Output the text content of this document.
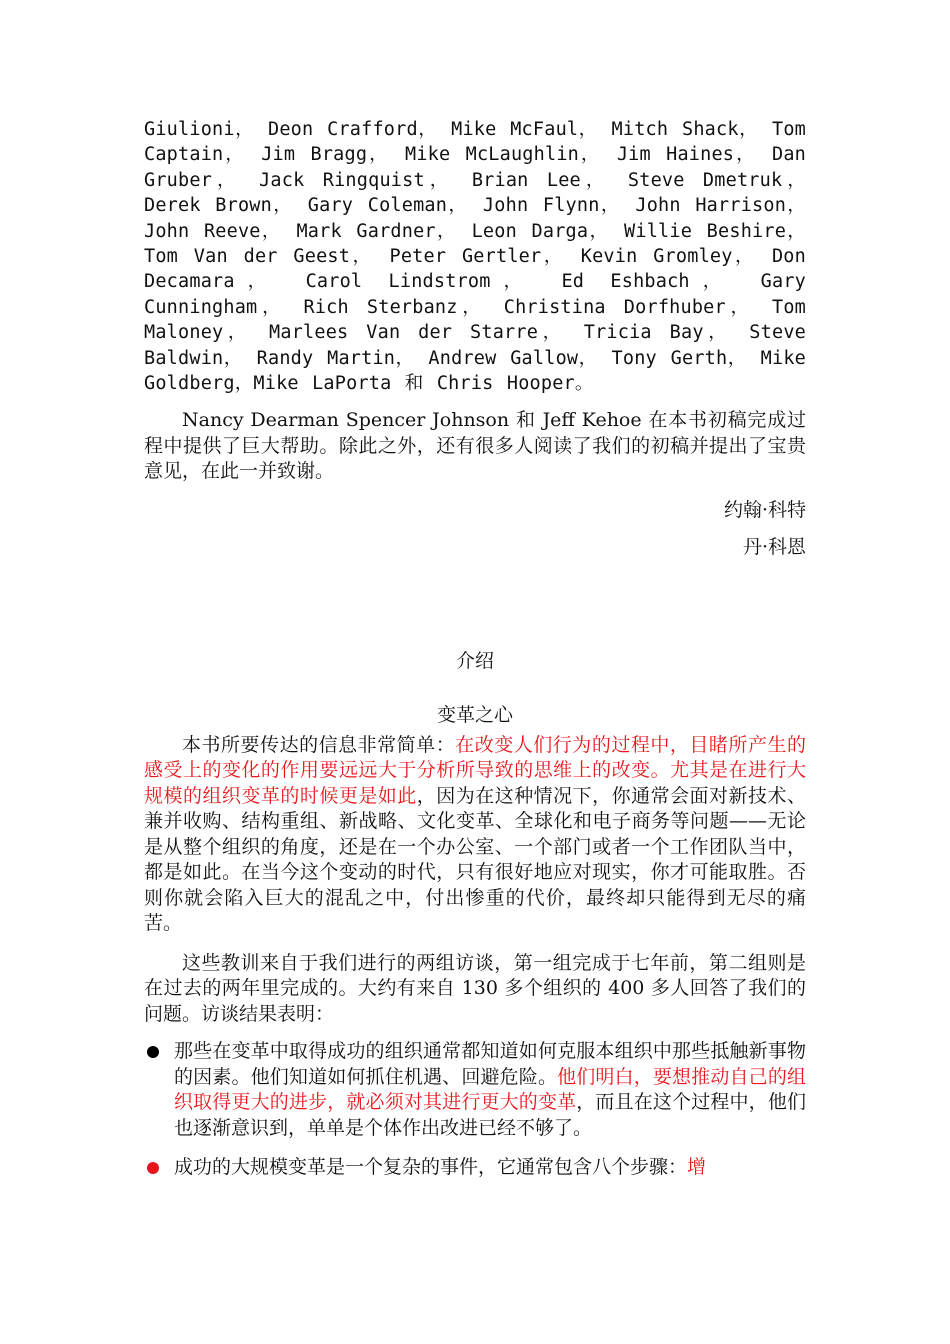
Giulioni， Deon Crafford， Mike McFaul， Mitch Shack， Tom Captain， Jim Bragg， Mike McLaughlin， Jim Haines， Dan Gruber， Jack Ringquist， Brian Lee， Steve Dmetruk， Derek Brown， Gary Coleman， John Flynn， John Harrison， John Reeve， Mark Gardner， Leon Darga， Willie Beshire， Tom Van der Geest， Peter Gertler， Kevin Gromley， Don Decamara， Carol Lindstrom， Ed Eshbach， Gary Cunningham， Rich Sterbanz， Christina Dorfhuber， Tom Maloney， Marlees Van der Starre， Tricia Bay， Steve Baldwin， Randy Martin， Andrew Gallow， Tony Gerth， Mike Goldberg，Mike LaPorta 和 Chris Hooper。

Nancy Dearman Spencer Johnson 和 Jeff Kehoe 在本书初稿完成过程中提供了巨大帮助。除此之外，还有很多人阅读了我们的初稿并提出了宝贵意见，在此一并致谢。

约翰·科特

丹·科恩

介绍

变革之心

本书所要传达的信息非常简单：在改变人们行为的过程中，目睹所产生的感受上的变化的作用要远远大于分析所导致的思维上的改变。尤其是在进行大规模的组织变革的时候更是如此，因为在这种情况下，你通常会面对新技术、兼并收购、结构重组、新战略、文化变革、全球化和电子商务等问题——无论是从整个组织的角度，还是在一个办公室、一个部门或者一个工作团队当中，都是如此。在当今这个变动的时代，只有很好地应对现实，你才可能取胜。否则你就会陷入巨大的混乱之中，付出惨重的代价，最终却只能得到无尽的痛苦。

这些教训来自于我们进行的两组访谈，第一组完成于七年前，第二组则是在过去的两年里完成的。大约有来自 130 多个组织的 400 多人回答了我们的问题。访谈结果表明：

那些在变革中取得成功的组织通常都知道如何克服本组织中那些抵触新事物的因素。他们知道如何抓住机遇、回避危险。他们明白，要想推动自己的组织取得更大的进步，就必须对其进行更大的变革，而且在这个过程中，他们也逐渐意识到，单单是个体作出改进已经不够了。
成功的大规模变革是一个复杂的事件，它通常包含八个步骤：增
